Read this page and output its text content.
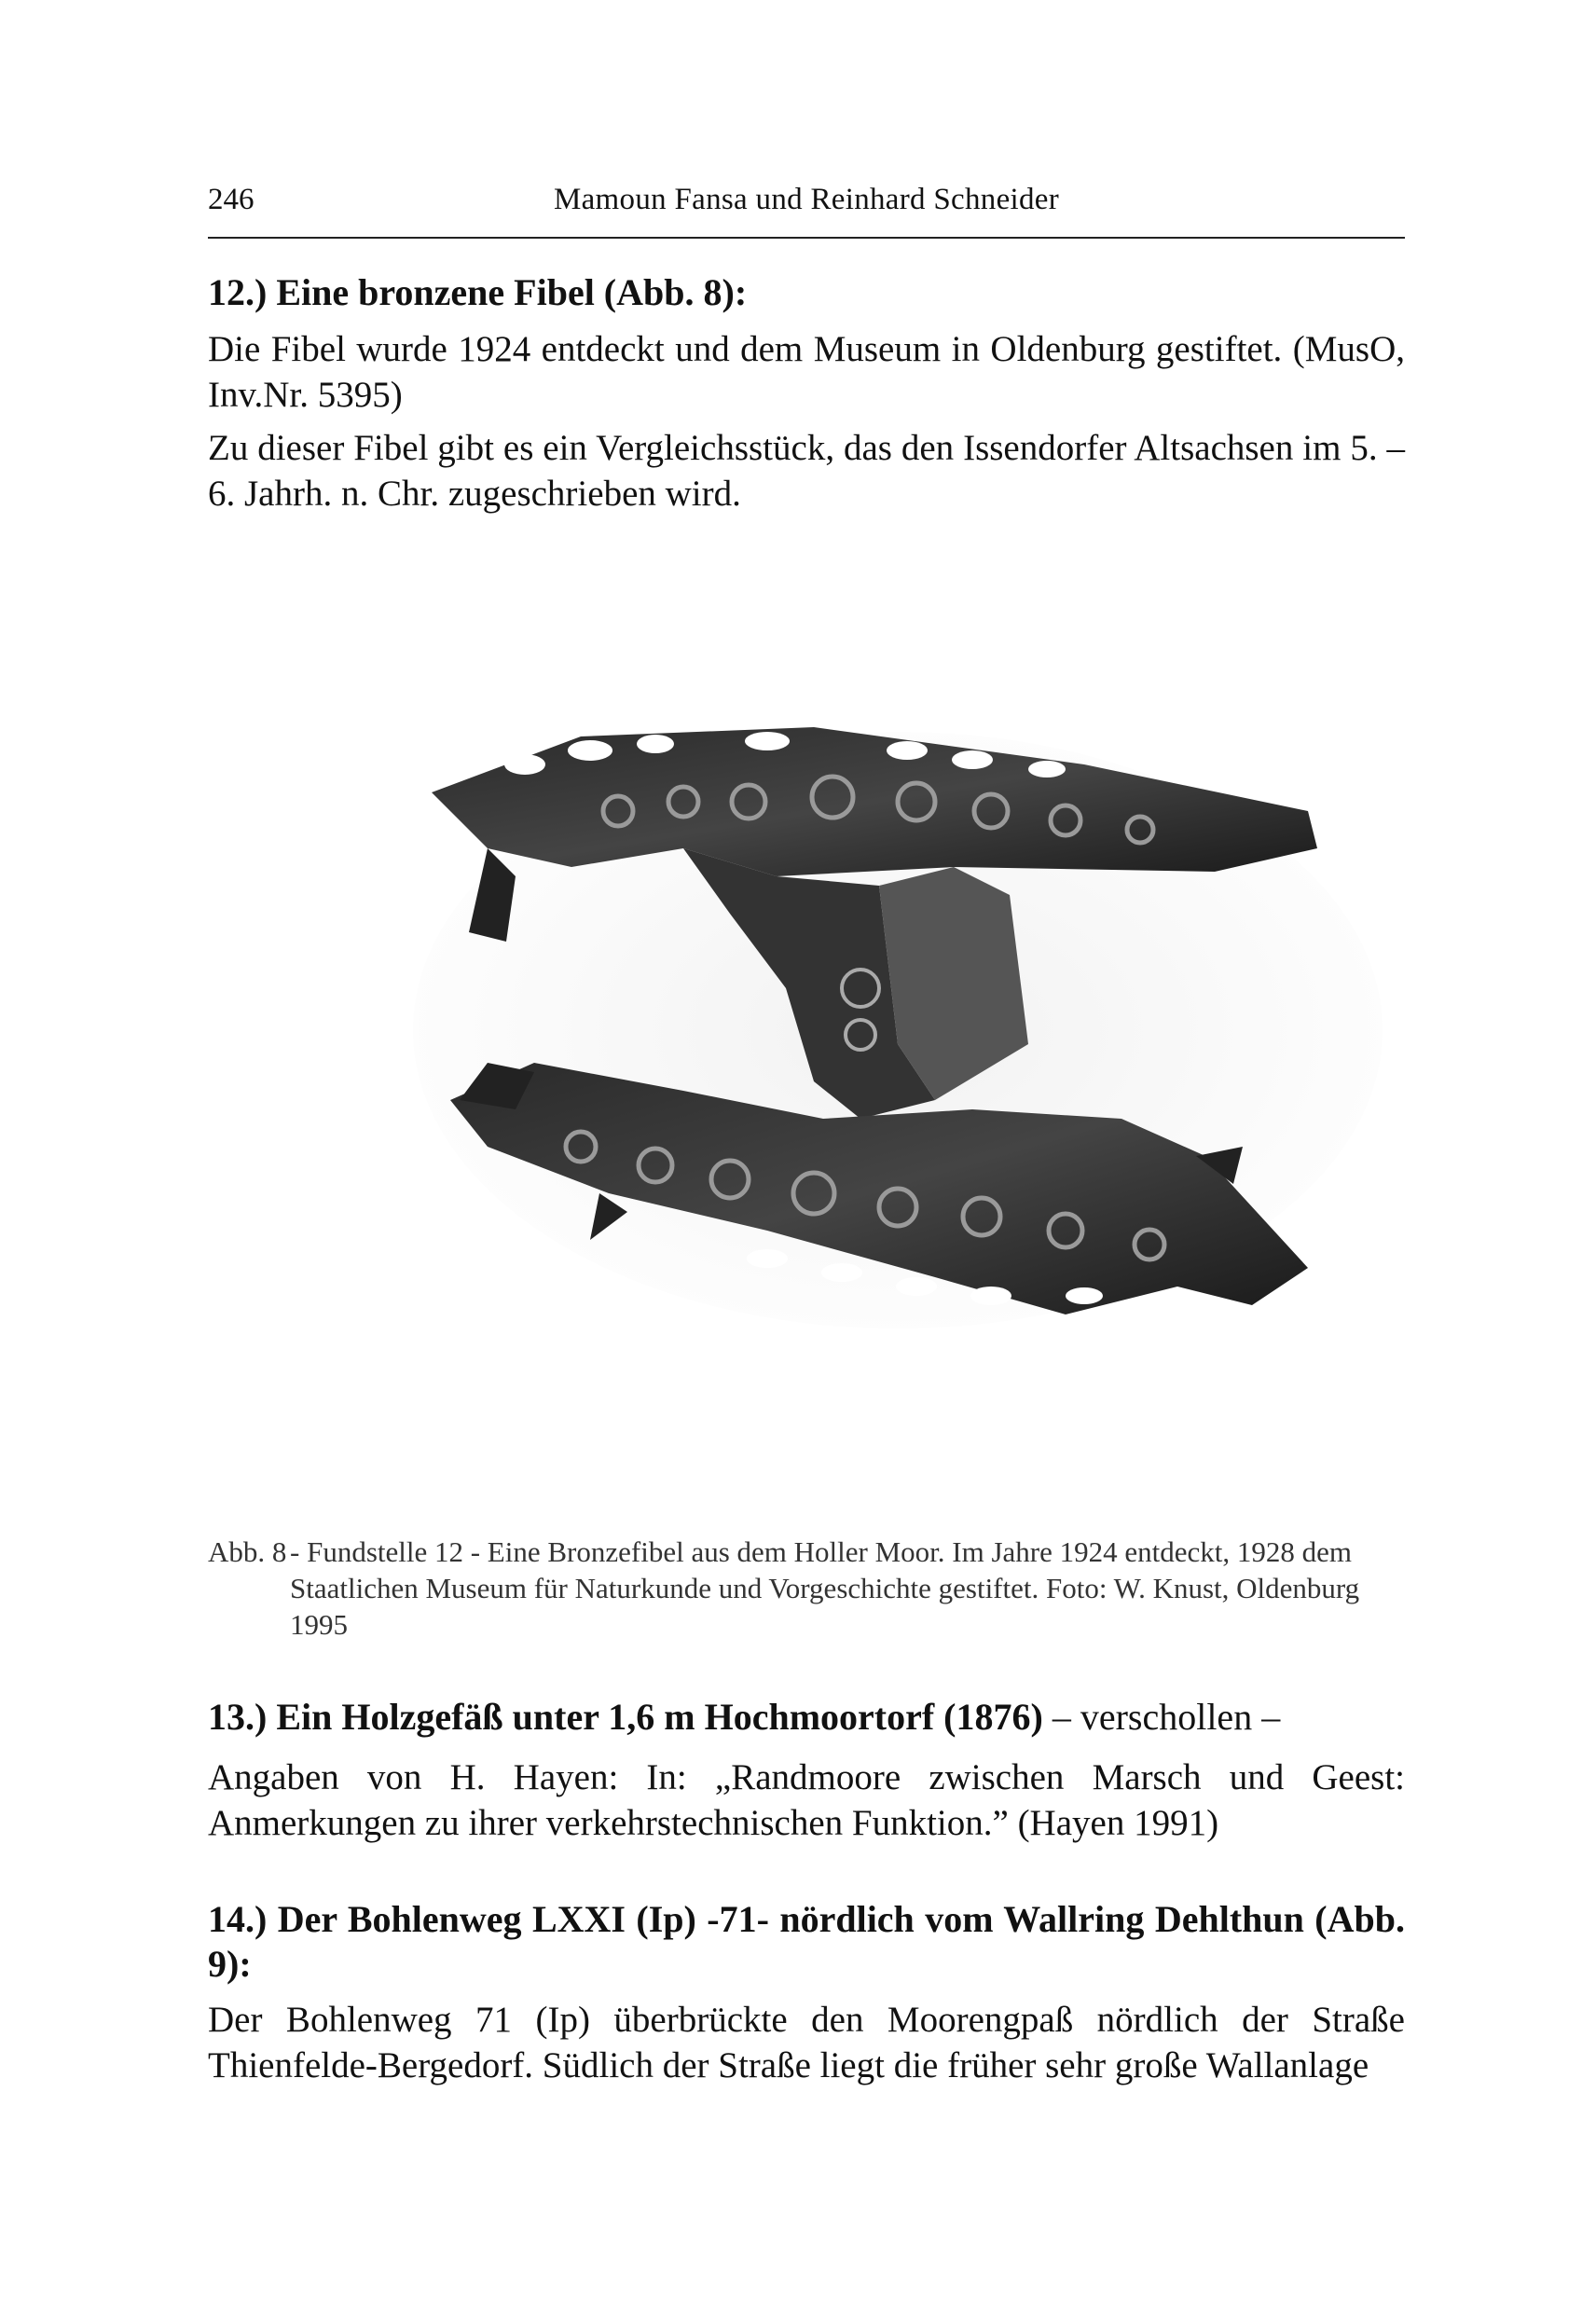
246	Mamoun Fansa und Reinhard Schneider
12.) Eine bronzene Fibel (Abb. 8):
Die Fibel wurde 1924 entdeckt und dem Museum in Oldenburg gestiftet. (MusO, Inv.Nr. 5395)
Zu dieser Fibel gibt es ein Vergleichsstück, das den Issendorfer Altsachsen im 5. – 6. Jahrh. n. Chr. zugeschrieben wird.
Abb. 8 - Fundstelle 12 - Eine Bronzefibel aus dem Holler Moor. Im Jahre 1924 entdeckt, 1928 dem Staatlichen Museum für Naturkunde und Vorgeschichte gestiftet. Foto: W. Knust, Oldenburg 1995
13.) Ein Holzgefäß unter 1,6 m Hochmoortorf (1876) – verschollen –
Angaben von H. Hayen: In: „Randmoore zwischen Marsch und Geest: Anmerkungen zu ihrer verkehrstechnischen Funktion.” (Hayen 1991)
14.) Der Bohlenweg LXXI (Ip) -71- nördlich vom Wallring Dehlthun (Abb. 9):
Der Bohlenweg 71 (Ip) überbrückte den Moorengpaß nördlich der Straße Thienfelde-Bergedorf. Südlich der Straße liegt die früher sehr große Wallanlage
